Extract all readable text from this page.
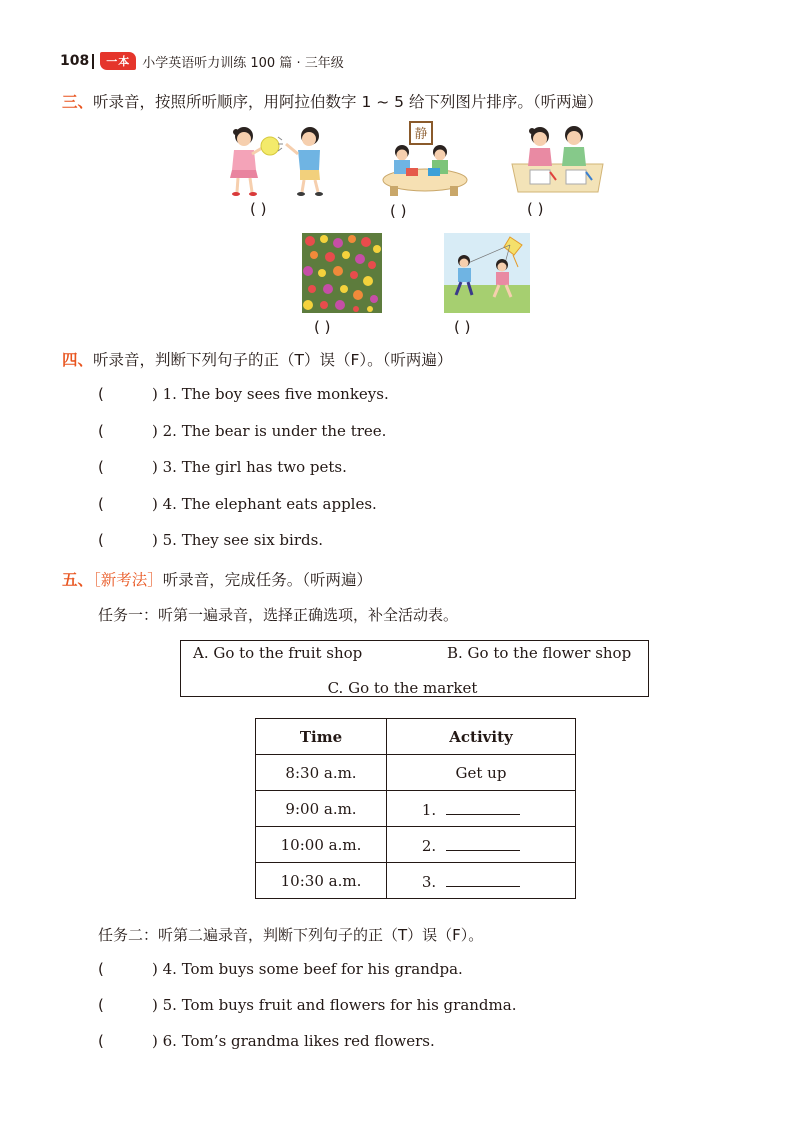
108	一本 小学英语听力训练 100 篇 · 三年级
三、听录音，按照所听顺序，用阿拉伯数字 1 ~ 5 给下列图片排序。（听两遍）
( )
静
( )	( )
( )	( )
四、听录音，判断下列句子的正（T）误（F）。（听两遍）
(	) 1. The boy sees five monkeys.
(	) 2. The bear is under the tree.
(	) 3. The girl has two pets.
(	) 4. The elephant eats apples.
(	) 5. They see six birds.
五、［新考法］听录音，完成任务。（听两遍）
任务一：听第一遍录音，选择正确选项，补全活动表。
A. Go to the fruit shop	B. Go to the flower shop
C. Go to the market
Time	Activity
8:30 a.m.	Get up
9:00 a.m.	1.
10:00 a.m.	2.
10:30 a.m.	3.
任务二：听第二遍录音，判断下列句子的正（T）误（F）。
(	) 4. Tom buys some beef for his grandpa.
(	) 5. Tom buys fruit and flowers for his grandma.
(	) 6. Tom’s grandma likes red flowers.
